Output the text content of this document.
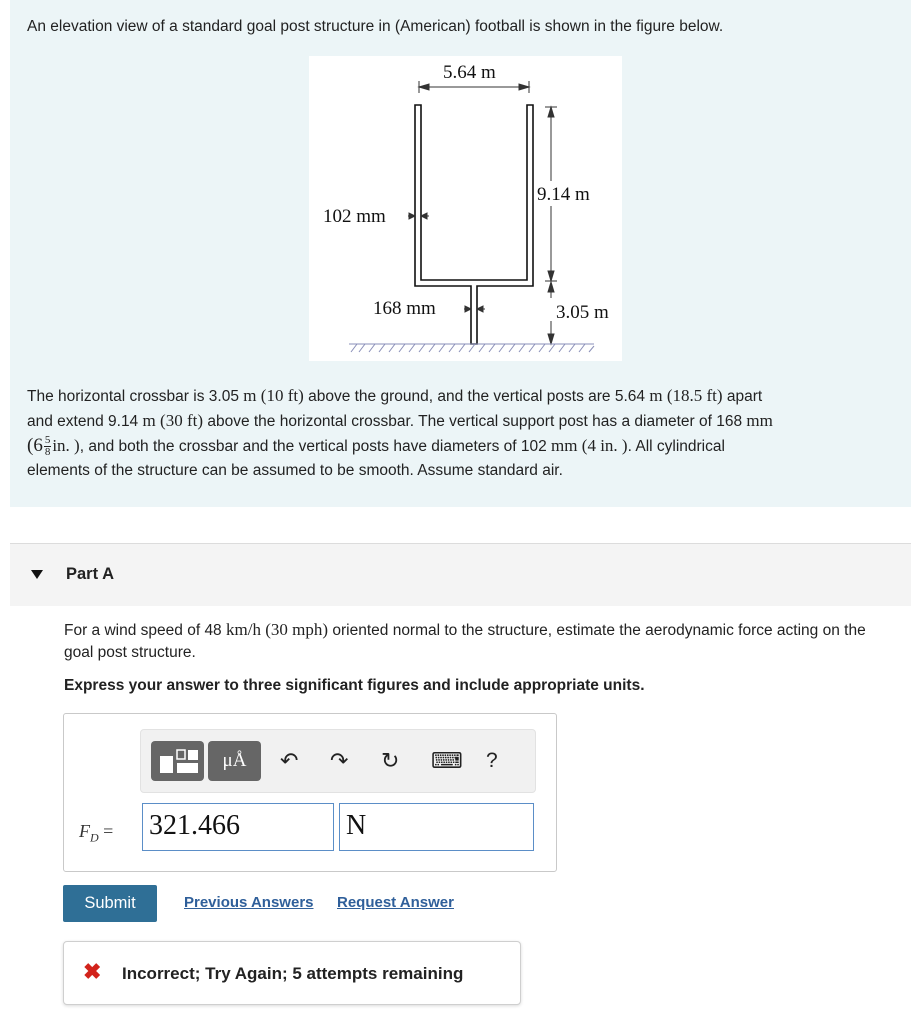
An elevation view of a standard goal post structure in (American) football is shown in the figure below.
5.64 m
9.14 m
102 mm
168 mm	3.05 m
The horizontal crossbar is 3.05 m (10 ft) above the ground, and the vertical posts are 5.64 m (18.5 ft) apart
and extend 9.14 m (30 ft) above the horizontal crossbar. The vertical support post has a diameter of 168 mm
($6 \frac{5}{8}$ in. ), and both the crossbar and the vertical posts have diameters of 102 mm (4 in. ). All cylindrical
elements of the structure can be assumed to be smooth. Assume standard air.
Part A
For a wind speed of 48 km/h (30 mph) oriented normal to the structure, estimate the aerodynamic force acting on the goal post structure.
Express your answer to three significant figures and include appropriate units.
μÅ	↶ ↷ ↻ ⌨ ?
$F_D = 321.466$	N
Submit	Previous Answers Request Answer
✖ Incorrect; Try Again; 5 attempts remaining
